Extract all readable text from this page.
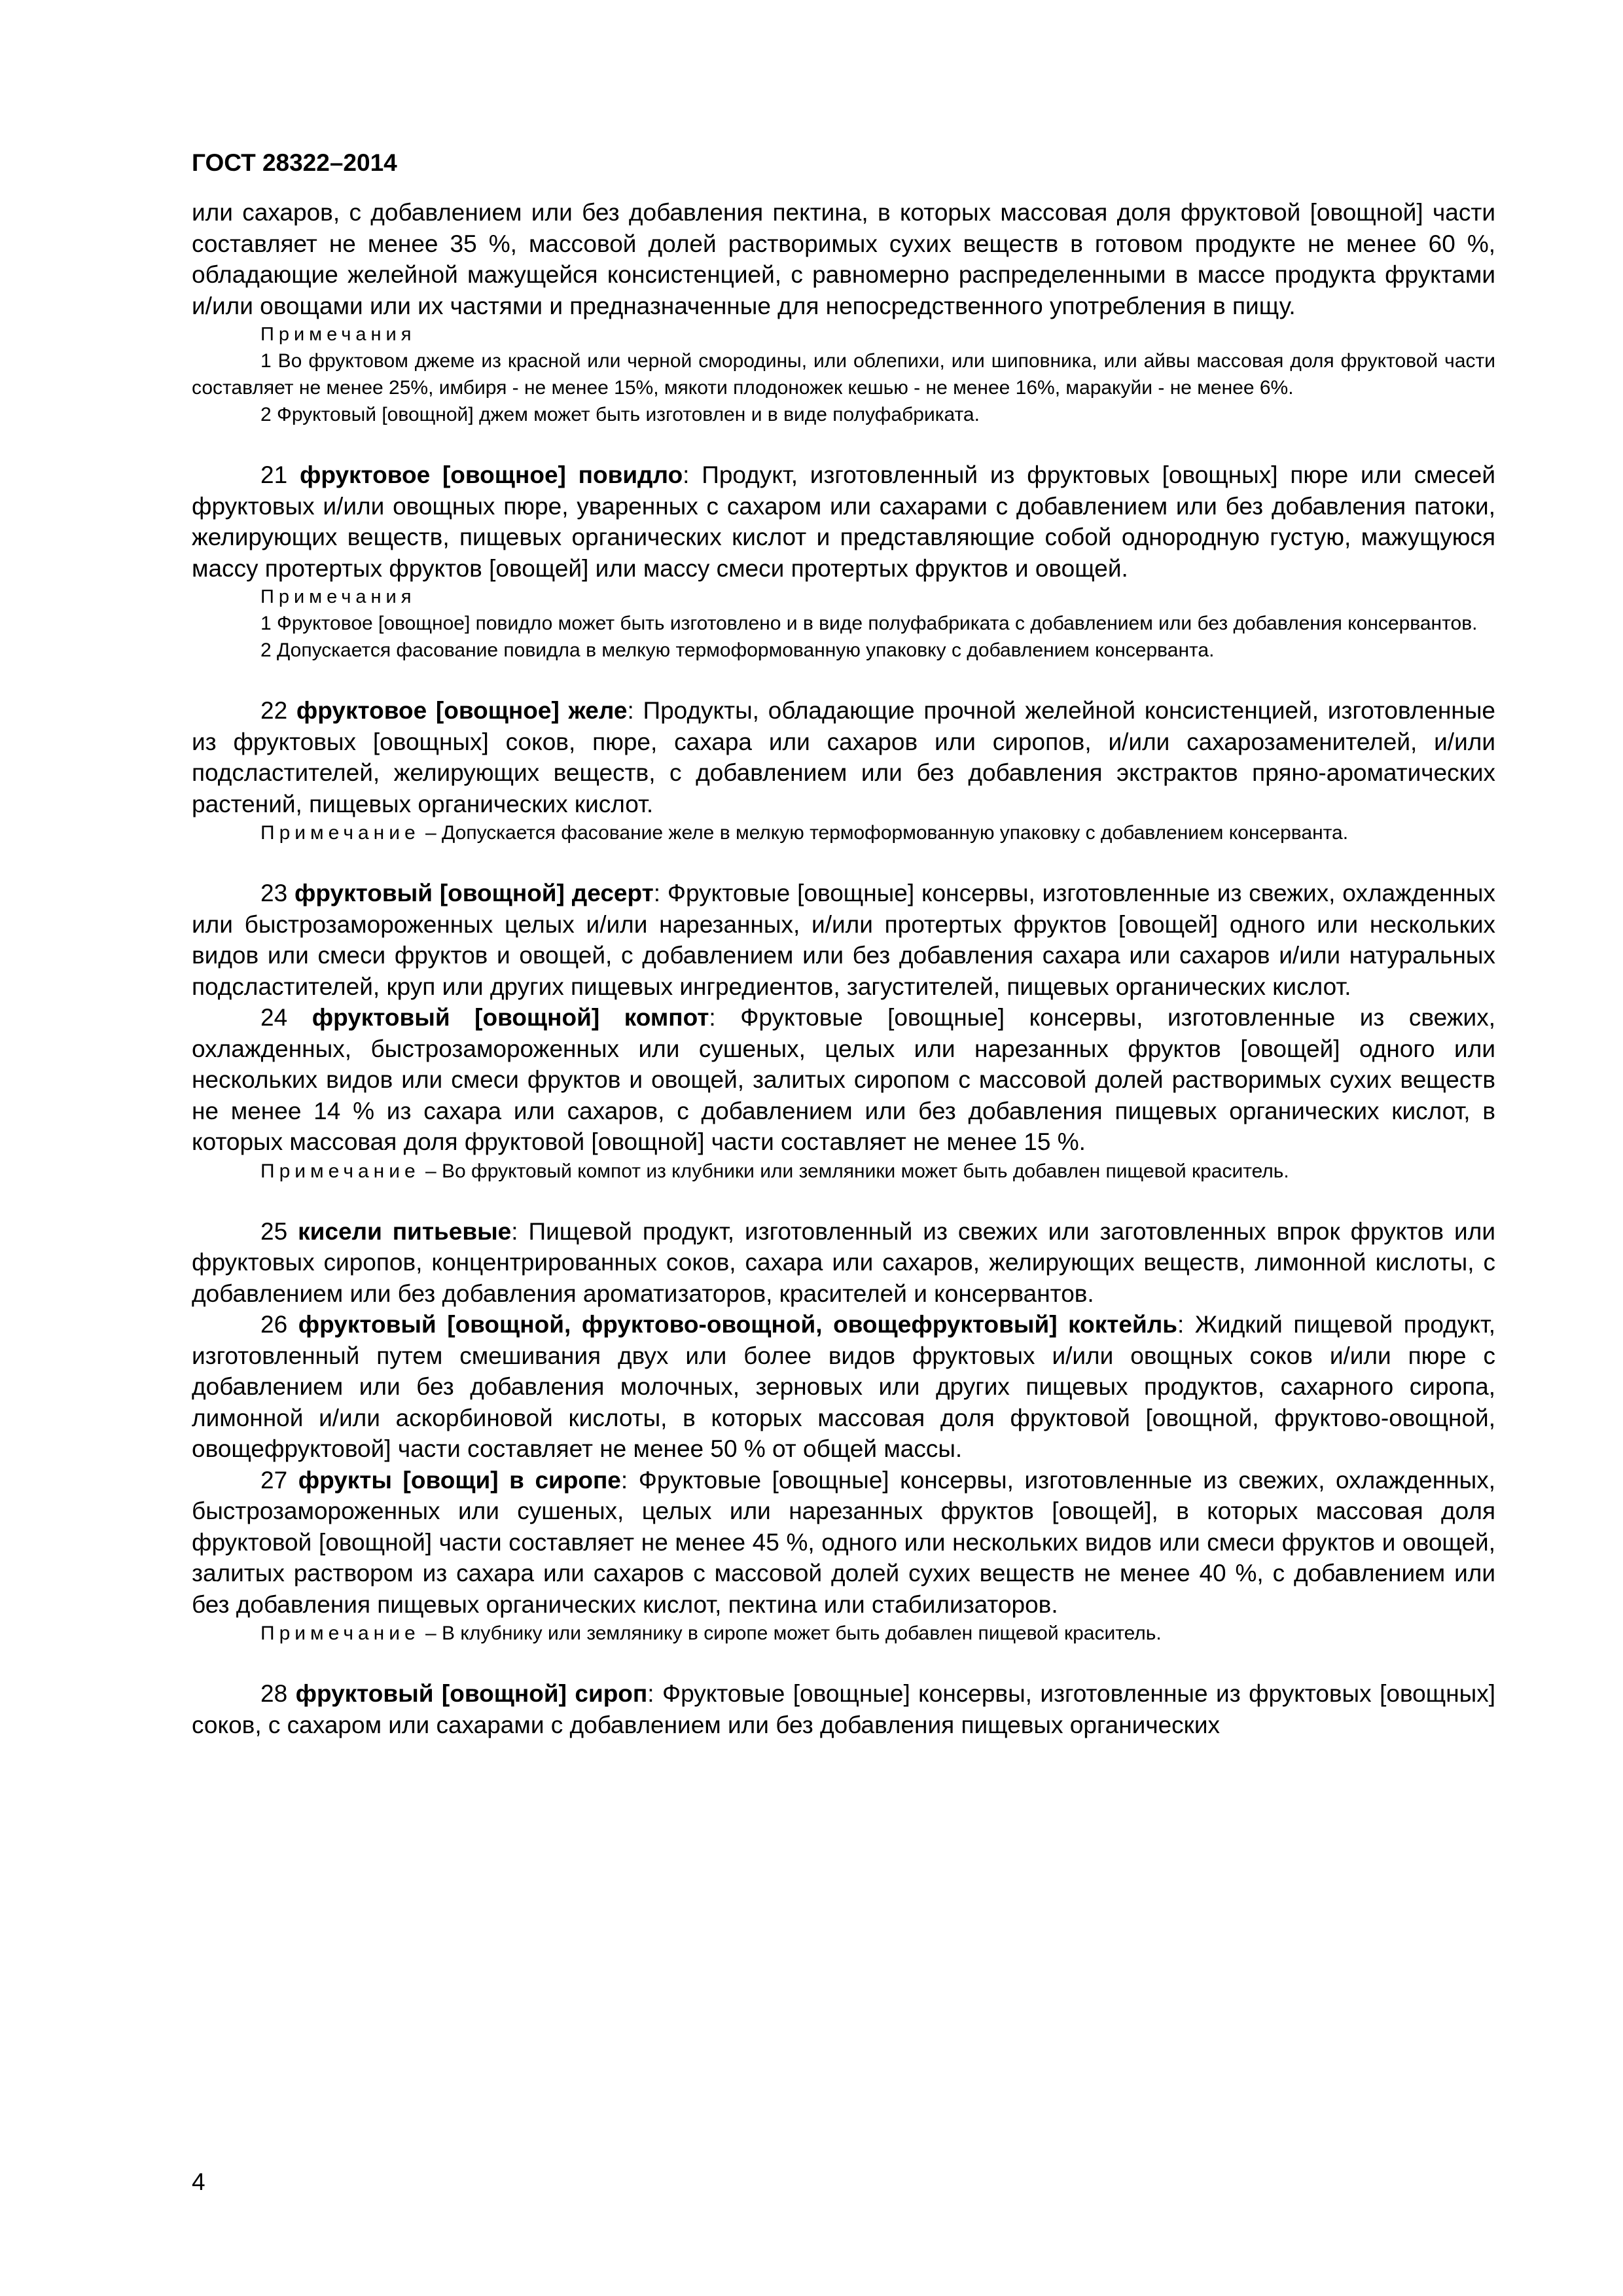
ГОСТ 28322–2014

или сахаров, с добавлением или без добавления пектина, в которых массовая доля фруктовой [овощной] части составляет не менее 35 %, массовой долей растворимых сухих веществ в готовом продукте не менее 60 %, обладающие желейной мажущейся консистенцией, с равномерно распределенными в массе продукта фруктами и/или овощами или их частями и предназначенные для непосредственного употребления в пищу.

Примечания

1 Во фруктовом джеме из красной или черной смородины, или облепихи, или шиповника, или айвы массовая доля фруктовой части составляет не менее 25%, имбиря - не менее 15%, мякоти плодоножек кешью - не менее 16%, маракуйи - не менее 6%.

2 Фруктовый [овощной] джем может быть изготовлен и в виде полуфабриката.

21 фруктовое [овощное] повидло: Продукт, изготовленный из фруктовых [овощных] пюре или смесей фруктовых и/или овощных пюре, уваренных с сахаром или сахарами с добавлением или без добавления патоки, желирующих веществ, пищевых органических кислот и представляющие собой однородную густую, мажущуюся массу протертых фруктов [овощей] или массу смеси протертых фруктов и овощей.

Примечания

1 Фруктовое [овощное] повидло может быть изготовлено и в виде полуфабриката с добавлением или без добавления консервантов.

2 Допускается фасование повидла в мелкую термоформованную упаковку с добавлением консерванта.

22 фруктовое [овощное] желе: Продукты, обладающие прочной желейной консистенцией, изготовленные из фруктовых [овощных] соков, пюре, сахара или сахаров или сиропов, и/или сахарозаменителей, и/или подсластителей, желирующих веществ, с добавлением или без добавления экстрактов пряно-ароматических растений, пищевых органических кислот.

Примечание – Допускается фасование желе в мелкую термоформованную упаковку с добавлением консерванта.

23 фруктовый [овощной] десерт: Фруктовые [овощные] консервы, изготовленные из свежих, охлажденных или быстрозамороженных целых и/или нарезанных, и/или протертых фруктов [овощей] одного или нескольких видов или смеси фруктов и овощей, с добавлением или без добавления сахара или сахаров и/или натуральных подсластителей, круп или других пищевых ингредиентов, загустителей, пищевых органических кислот.

24 фруктовый [овощной] компот: Фруктовые [овощные] консервы, изготовленные из свежих, охлажденных, быстрозамороженных или сушеных, целых или нарезанных фруктов [овощей] одного или нескольких видов или смеси фруктов и овощей, залитых сиропом с массовой долей растворимых сухих веществ не менее 14 % из сахара или сахаров, с добавлением или без добавления пищевых органических кислот, в которых массовая доля фруктовой [овощной] части составляет не менее 15 %.

Примечание – Во фруктовый компот из клубники или земляники может быть добавлен пищевой краситель.

25 кисели питьевые: Пищевой продукт, изготовленный из свежих или заготовленных впрок фруктов или фруктовых сиропов, концентрированных соков, сахара или сахаров, желирующих веществ, лимонной кислоты, с добавлением или без добавления ароматизаторов, красителей и консервантов.

26 фруктовый [овощной, фруктово-овощной, овощефруктовый] коктейль: Жидкий пищевой продукт, изготовленный путем смешивания двух или более видов фруктовых и/или овощных соков и/или пюре с добавлением или без добавления молочных, зерновых или других пищевых продуктов, сахарного сиропа, лимонной и/или аскорбиновой кислоты, в которых массовая доля фруктовой [овощной, фруктово-овощной, овощефруктовой] части составляет не менее 50 % от общей массы.

27 фрукты [овощи] в сиропе: Фруктовые [овощные] консервы, изготовленные из свежих, охлажденных, быстрозамороженных или сушеных, целых или нарезанных фруктов [овощей], в которых массовая доля фруктовой [овощной] части составляет не менее 45 %, одного или нескольких видов или смеси фруктов и овощей, залитых раствором из сахара или сахаров с массовой долей сухих веществ не менее 40 %, с добавлением или без добавления пищевых органических кислот, пектина или стабилизаторов.

Примечание – В клубнику или землянику в сиропе может быть добавлен пищевой краситель.

28 фруктовый [овощной] сироп: Фруктовые [овощные] консервы, изготовленные из фруктовых [овощных] соков, с сахаром или сахарами с добавлением или без добавления пищевых органических

4
